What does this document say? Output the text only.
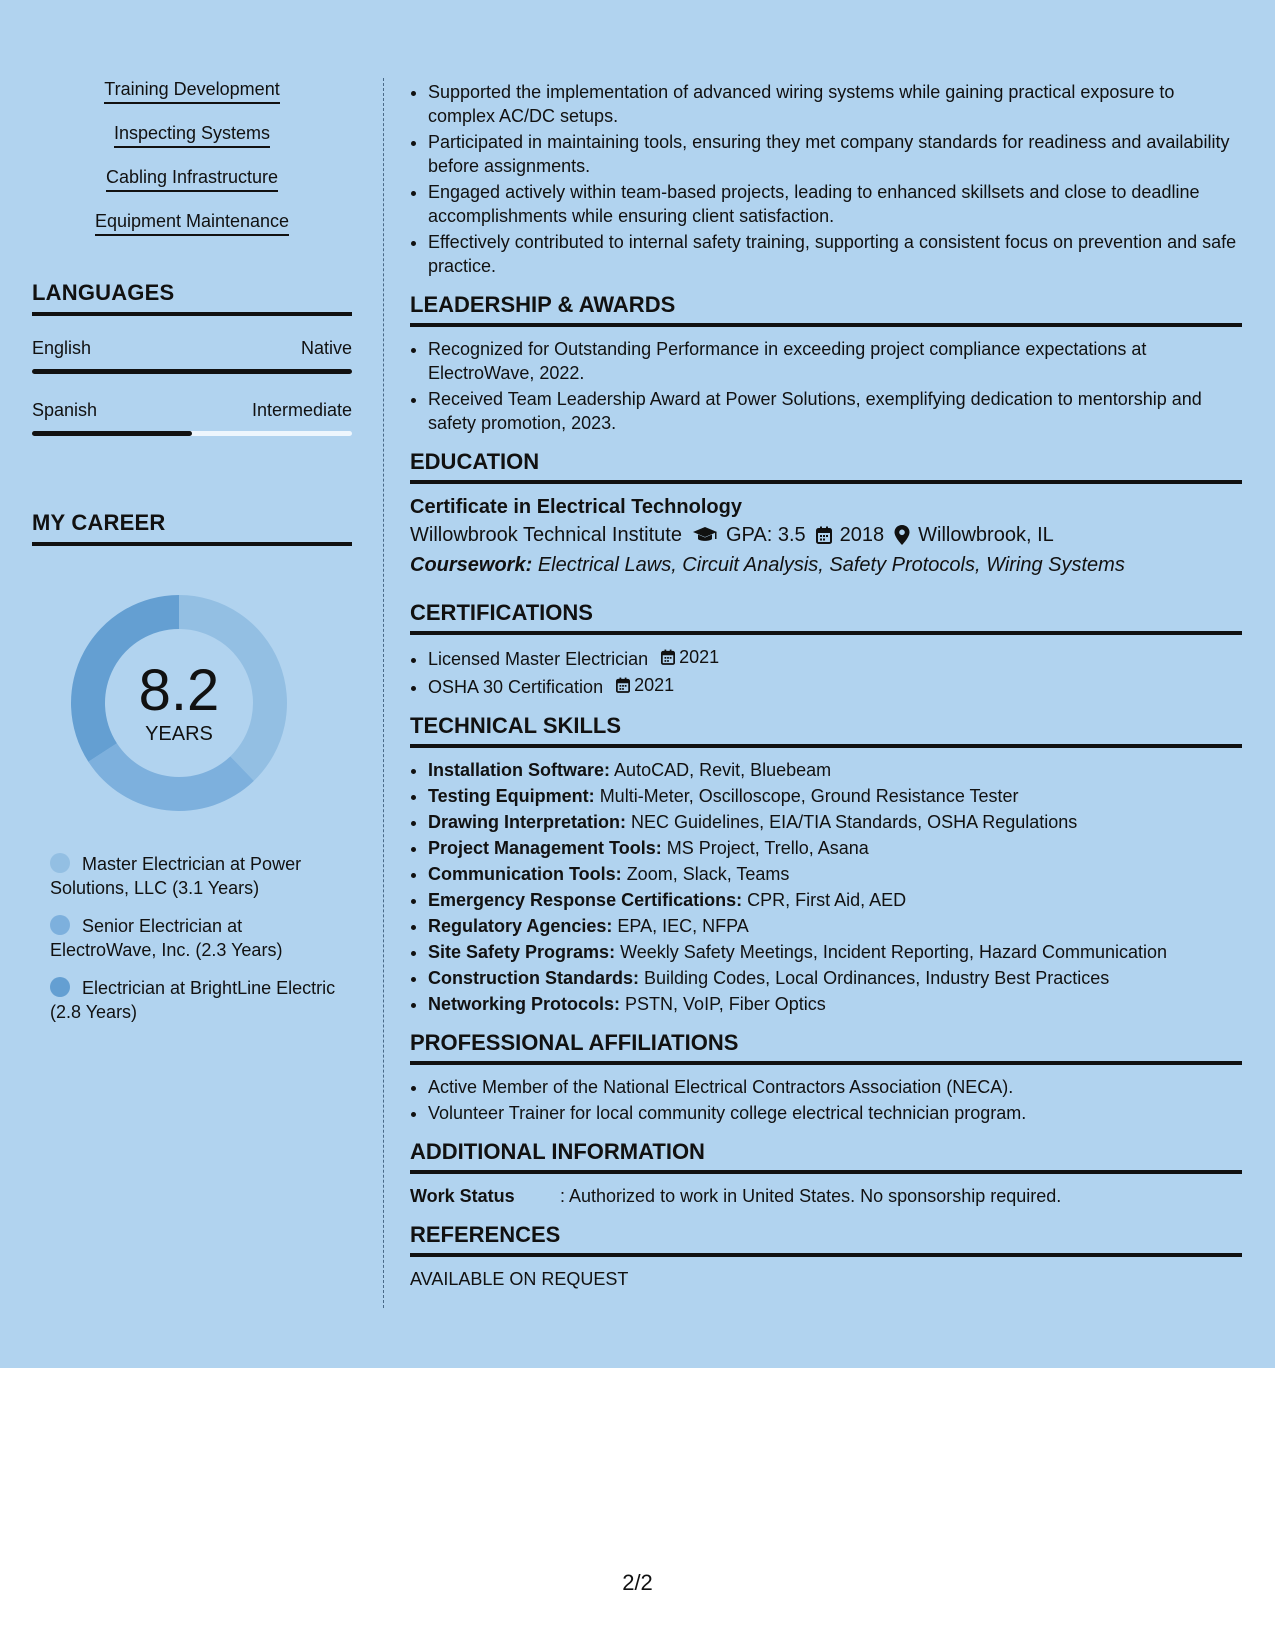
Training Development
Inspecting Systems
Cabling Infrastructure
Equipment Maintenance
LANGUAGES
English	Native
Spanish	Intermediate
MY CAREER
8.2
YEARS
Master Electrician at Power Solutions, LLC (3.1 Years)
Senior Electrician at ElectroWave, Inc. (2.3 Years)
Electrician at BrightLine Electric (2.8 Years)
• Supported the implementation of advanced wiring systems while gaining practical exposure to complex AC/DC setups.
• Participated in maintaining tools, ensuring they met company standards for readiness and availability before assignments.
• Engaged actively within team-based projects, leading to enhanced skillsets and close to deadline accomplishments while ensuring client satisfaction.
• Effectively contributed to internal safety training, supporting a consistent focus on prevention and safe practice.
LEADERSHIP & AWARDS
• Recognized for Outstanding Performance in exceeding project compliance expectations at ElectroWave, 2022.
• Received Team Leadership Award at Power Solutions, exemplifying dedication to mentorship and safety promotion, 2023.
EDUCATION
Certificate in Electrical Technology
Willowbrook Technical Institute GPA: 3.5 2018 Willowbrook, IL
Coursework: Electrical Laws, Circuit Analysis, Safety Protocols, Wiring Systems
CERTIFICATIONS
• Licensed Master Electrician 2021
• OSHA 30 Certification 2021
TECHNICAL SKILLS
• Installation Software: AutoCAD, Revit, Bluebeam
• Testing Equipment: Multi-Meter, Oscilloscope, Ground Resistance Tester
• Drawing Interpretation: NEC Guidelines, EIA/TIA Standards, OSHA Regulations
• Project Management Tools: MS Project, Trello, Asana
• Communication Tools: Zoom, Slack, Teams
• Emergency Response Certifications: CPR, First Aid, AED
• Regulatory Agencies: EPA, IEC, NFPA
• Site Safety Programs: Weekly Safety Meetings, Incident Reporting, Hazard Communication
• Construction Standards: Building Codes, Local Ordinances, Industry Best Practices
• Networking Protocols: PSTN, VoIP, Fiber Optics
PROFESSIONAL AFFILIATIONS
• Active Member of the National Electrical Contractors Association (NECA).
• Volunteer Trainer for local community college electrical technician program.
ADDITIONAL INFORMATION
Work Status	: Authorized to work in United States. No sponsorship required.
REFERENCES
AVAILABLE ON REQUEST
2/2
